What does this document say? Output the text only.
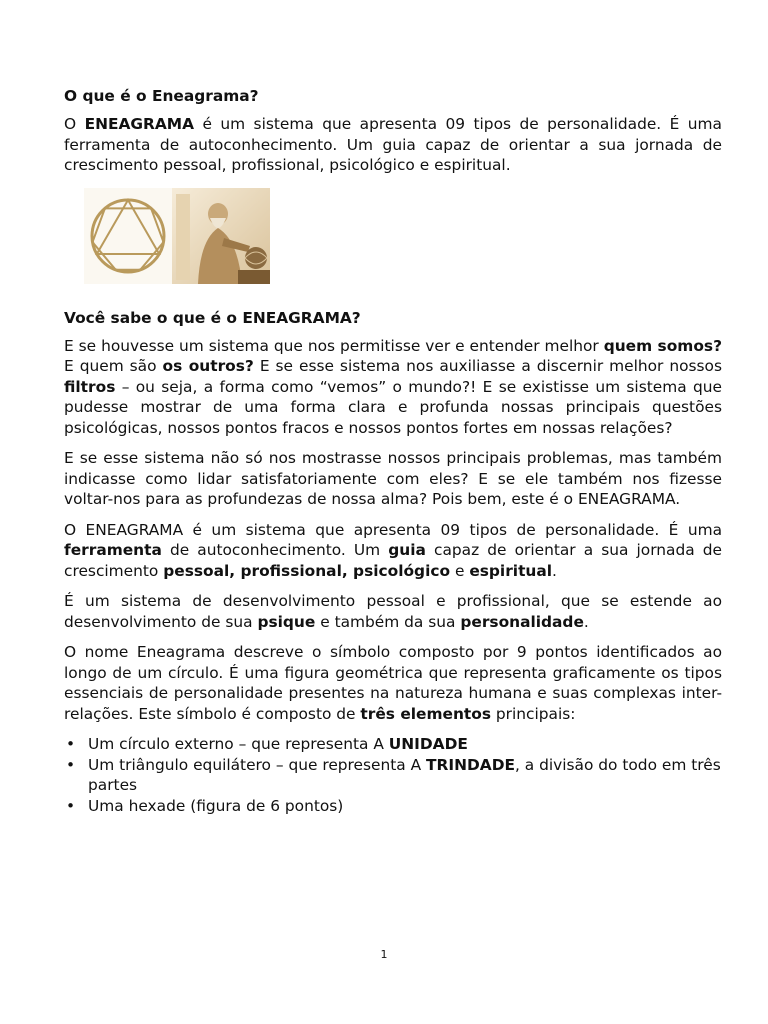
O que é o Eneagrama?

O ENEAGRAMA é um sistema que apresenta 09 tipos de personalidade. É uma ferramenta de autoconhecimento. Um guia capaz de orientar a sua jornada de crescimento pessoal, profissional, psicológico e espiritual.

Você sabe o que é o ENEAGRAMA?

E se houvesse um sistema que nos permitisse ver e entender melhor quem somos? E quem são os outros? E se esse sistema nos auxiliasse a discernir melhor nossos filtros – ou seja, a forma como “vemos” o mundo?! E se existisse um sistema que pudesse mostrar de uma forma clara e profunda nossas principais questões psicológicas, nossos pontos fracos e nossos pontos fortes em nossas relações?

E se esse sistema não só nos mostrasse nossos principais problemas, mas também indicasse como lidar satisfatoriamente com eles? E se ele também nos fizesse voltar-nos para as profundezas de nossa alma? Pois bem, este é o ENEAGRAMA.

O ENEAGRAMA é um sistema que apresenta 09 tipos de personalidade. É uma ferramenta de autoconhecimento. Um guia capaz de orientar a sua jornada de crescimento pessoal, profissional, psicológico e espiritual.

É um sistema de desenvolvimento pessoal e profissional, que se estende ao desenvolvimento de sua psique e também da sua personalidade.

O nome Eneagrama descreve o símbolo composto por 9 pontos identificados ao longo de um círculo. É uma figura geométrica que representa graficamente os tipos essenciais de personalidade presentes na natureza humana e suas complexas inter-relações. Este símbolo é composto de três elementos principais:

• Um círculo externo – que representa A UNIDADE
• Um triângulo equilátero – que representa A TRINDADE, a divisão do todo em três partes
• Uma hexade (figura de 6 pontos)
1
